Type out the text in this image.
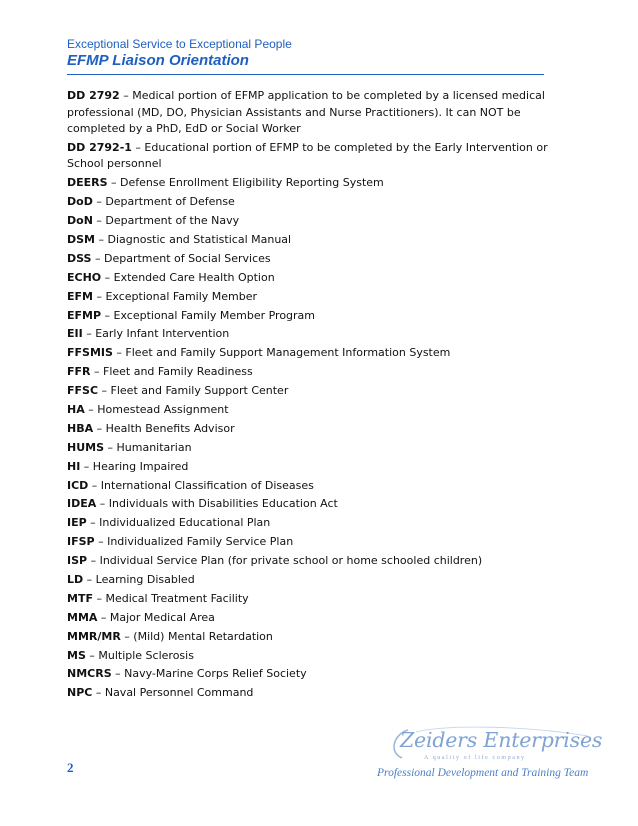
Exceptional Service to Exceptional People
EFMP Liaison Orientation

DD 2792 – Medical portion of EFMP application to be completed by a licensed medical professional (MD, DO, Physician Assistants and Nurse Practitioners). It can NOT be completed by a PhD, EdD or Social Worker

DD 2792-1 – Educational portion of EFMP to be completed by the Early Intervention or School personnel

DEERS – Defense Enrollment Eligibility Reporting System

DoD – Department of Defense

DoN – Department of the Navy

DSM – Diagnostic and Statistical Manual

DSS – Department of Social Services

ECHO – Extended Care Health Option

EFM – Exceptional Family Member

EFMP – Exceptional Family Member Program

EII – Early Infant Intervention

FFSMIS – Fleet and Family Support Management Information System

FFR – Fleet and Family Readiness

FFSC – Fleet and Family Support Center

HA – Homestead Assignment

HBA – Health Benefits Advisor

HUMS – Humanitarian

HI – Hearing Impaired

ICD – International Classification of Diseases

IDEA – Individuals with Disabilities Education Act

IEP – Individualized Educational Plan

IFSP – Individualized Family Service Plan

ISP – Individual Service Plan (for private school or home schooled children)

LD – Learning Disabled

MTF – Medical Treatment Facility

MMA – Major Medical Area

MMR/MR – (Mild) Mental Retardation

MS – Multiple Sclerosis

NMCRS – Navy-Marine Corps Relief Society

NPC – Naval Personnel Command

2
Zeiders Enterprises
A quality of life company
Professional Development and Training Team
